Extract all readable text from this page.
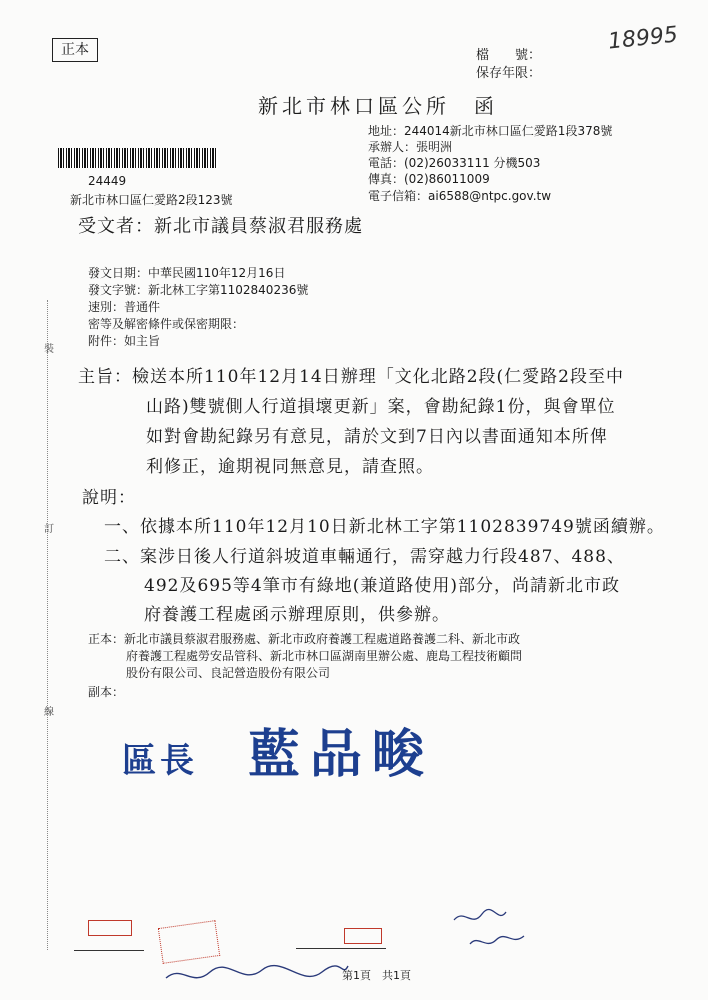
正本	18995
檔　　號：
保存年限：
新北市林口區公所　函
地址：244014新北市林口區仁愛路1段378號
承辦人：張明洲
電話：(02)26033111 分機503
傳真：(02)86011009
電子信箱：ai6588@ntpc.gov.tw
24449
新北市林口區仁愛路2段123號
受文者：新北市議員蔡淑君服務處
發文日期：中華民國110年12月16日
發文字號：新北林工字第1102840236號
速別：普通件
密等及解密條件或保密期限：
附件：如主旨
裝
訂
線
主旨：檢送本所110年12月14日辦理「文化北路2段(仁愛路2段至中
山路)雙號側人行道損壞更新」案，會勘紀錄1份，與會單位
如對會勘紀錄另有意見，請於文到7日內以書面通知本所俾
利修正，逾期視同無意見，請查照。
說明：
一、依據本所110年12月10日新北林工字第1102839749號函續辦。
二、案涉日後人行道斜坡道車輛通行，需穿越力行段487、488、
492及695等4筆市有綠地(兼道路使用)部分，尚請新北市政
府養護工程處函示辦理原則，供參辦。
正本：新北市議員蔡淑君服務處、新北市政府養護工程處道路養護二科、新北市政
府養護工程處勞安品管科、新北市林口區湖南里辦公處、鹿島工程技術顧問
股份有限公司、良記營造股份有限公司
副本：
區長 藍品畯
第1頁　共1頁
